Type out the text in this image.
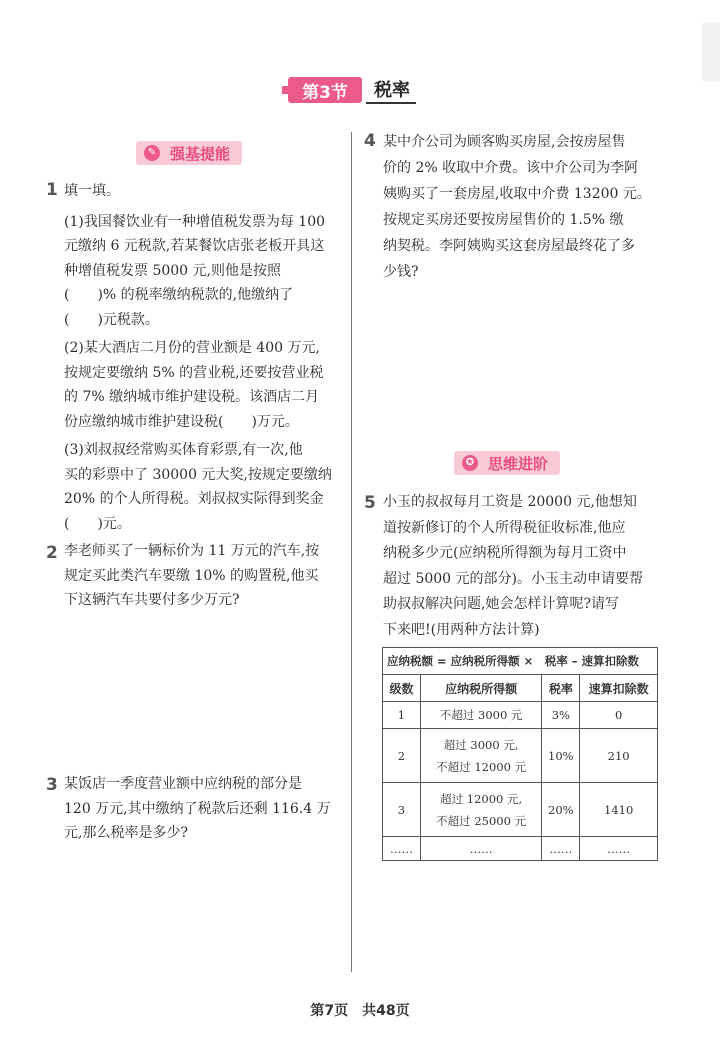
第3节	税率
✎ 强基提能
1 填一填。
(1)我国餐饮业有一种增值税发票为每 100
元缴纳 6 元税款,若某餐饮店张老板开具这
种增值税发票 5000 元,则他是按照
(　　)% 的税率缴纳税款的,他缴纳了
(　　)元税款。
(2)某大酒店二月份的营业额是 400 万元,
按规定要缴纳 5% 的营业税,还要按营业税
的 7% 缴纳城市维护建设税。该酒店二月
份应缴纳城市维护建设税(　　)万元。
(3)刘叔叔经常购买体育彩票,有一次,他
买的彩票中了 30000 元大奖,按规定要缴纳
20% 的个人所得税。刘叔叔实际得到奖金
(　　)元。
2 李老师买了一辆标价为 11 万元的汽车,按
规定买此类汽车要缴 10% 的购置税,他买
下这辆汽车共要付多少万元?
3 某饭店一季度营业额中应纳税的部分是
120 万元,其中缴纳了税款后还剩 116.4 万
元,那么税率是多少?
4 某中介公司为顾客购买房屋,会按房屋售
价的 2% 收取中介费。该中介公司为李阿
姨购买了一套房屋,收取中介费 13200 元。
按规定买房还要按房屋售价的 1.5% 缴
纳契税。李阿姨购买这套房屋最终花了多
少钱?
✪ 思维进阶
5 小玉的叔叔每月工资是 20000 元,他想知
道按新修订的个人所得税征收标准,他应
纳税多少元(应纳税所得额为每月工资中
超过 5000 元的部分)。小玉主动申请要帮
助叔叔解决问题,她会怎样计算呢?请写
下来吧!(用两种方法计算)
应纳税额 = 应纳税所得额 ×　税率 – 速算扣除数			
级数	应纳税所得额	税率	速算扣除数
1	不超过 3000 元	3%	0
2	超过 3000 元,
不超过 12000 元	10%	210
3	超过 12000 元,
不超过 25000 元	20%	1410
……	……	……	……
第7页　共48页
